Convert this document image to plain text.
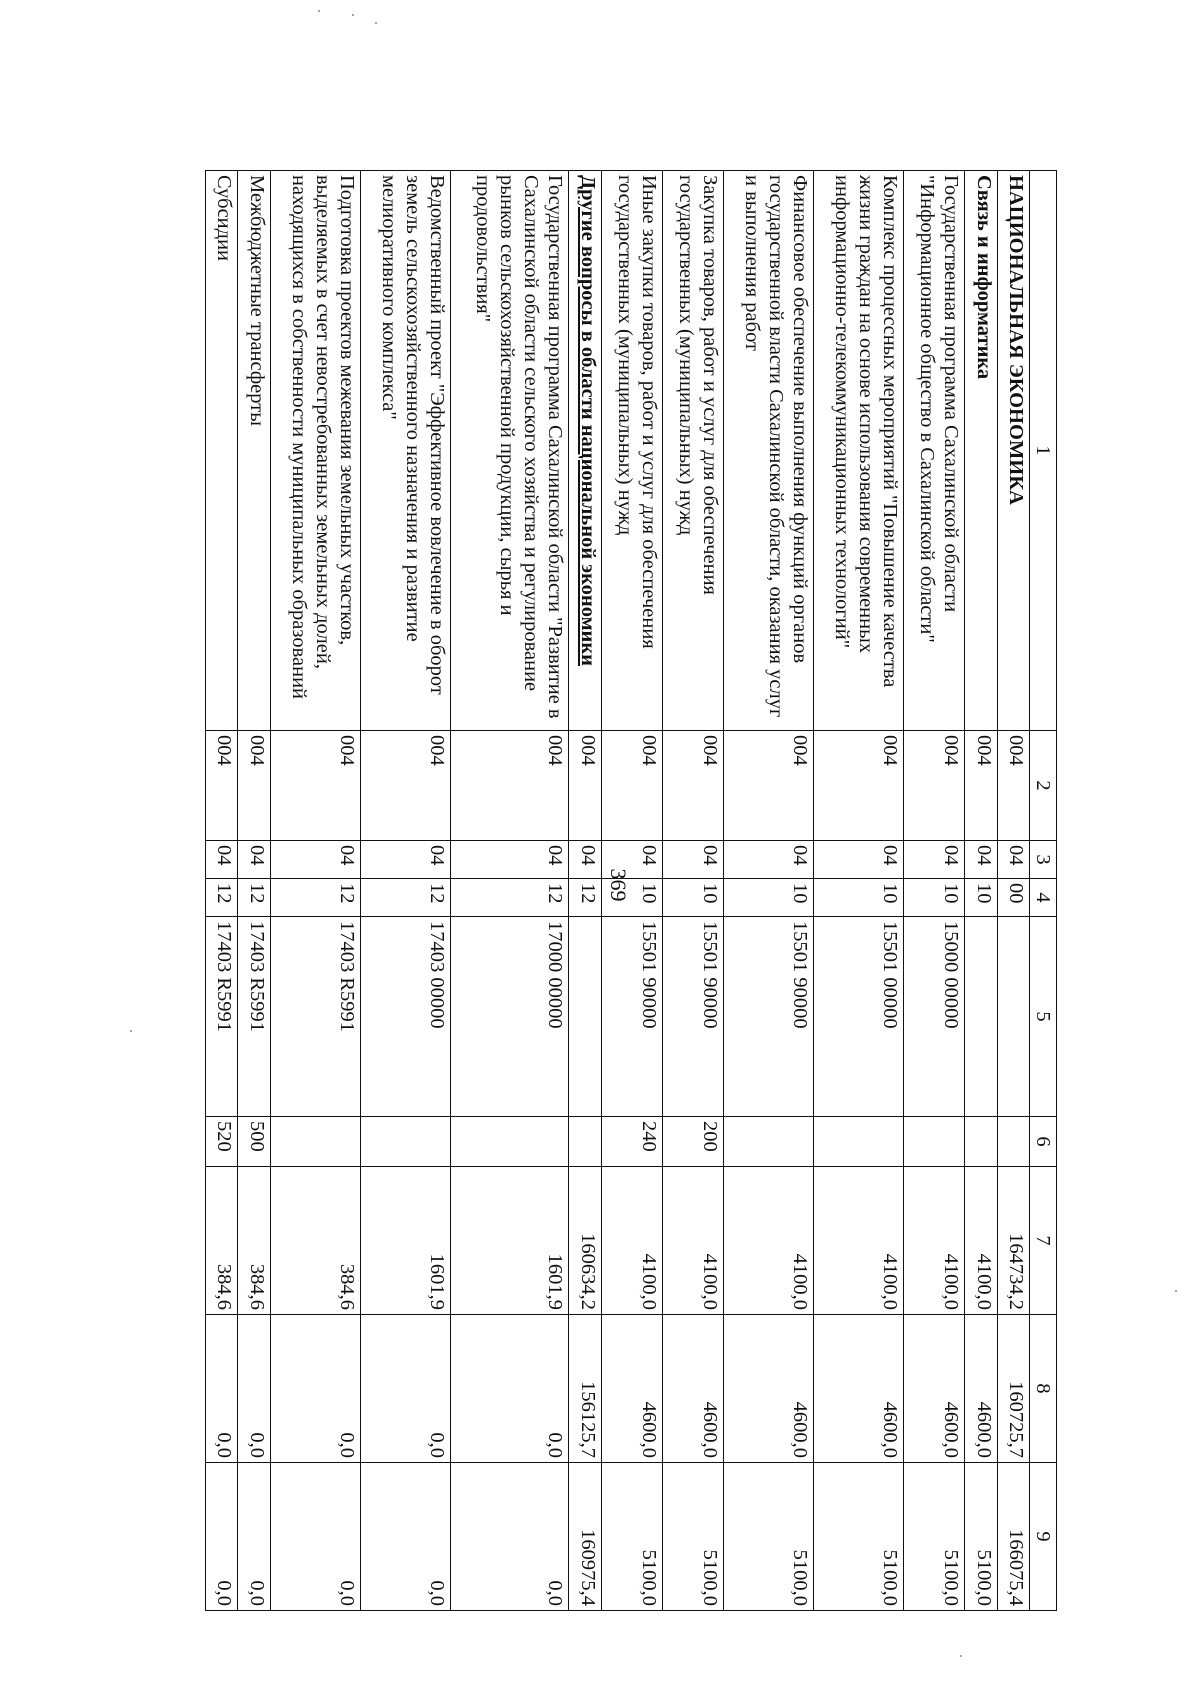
369
1	2	3	4	5	6	7	8	9
НАЦИОНАЛЬНАЯ ЭКОНОМИКА	004	04	00			164734,2	160725,7	166075,4
Связь и информатика	004	04	10			4100,0	4600,0	5100,0
Государственная программа Сахалинской области "Информационное общество в Сахалинской области"	004	04	10	15000 00000		4100,0	4600,0	5100,0
Комплекс процессных мероприятий "Повышение качества жизни граждан на основе использования современных информационно-телекоммуникационных технологий"	004	04	10	15501 00000		4100,0	4600,0	5100,0
Финансовое обеспечение выполнения функций органов государственной власти Сахалинской области, оказания услуг и выполнения работ	004	04	10	15501 90000		4100,0	4600,0	5100,0
Закупка товаров, работ и услуг для обеспечения государственных (муниципальных) нужд	004	04	10	15501 90000	200	4100,0	4600,0	5100,0
Иные закупки товаров, работ и услуг для обеспечения государственных (муниципальных) нужд	004	04	10	15501 90000	240	4100,0	4600,0	5100,0
Другие вопросы в области национальной экономики	004	04	12			160634,2	156125,7	160975,4
Государственная программа Сахалинской области "Развитие в Сахалинской области сельского хозяйства и регулирование рынков сельскохозяйственной продукции, сырья и продовольствия"	004	04	12	17000 00000		1601,9	0,0	0,0
Ведомственный проект "Эффективное вовлечение в оборот земель сельскохозяйственного назначения и развитие мелиоративного комплекса"	004	04	12	17403 00000		1601,9	0,0	0,0
Подготовка проектов межевания земельных участков, выделяемых в счет невостребованных земельных долей, находящихся в собственности муниципальных образований	004	04	12	17403 R5991		384,6	0,0	0,0
Межбюджетные трансферты	004	04	12	17403 R5991	500	384,6	0,0	0,0
Субсидии	004	04	12	17403 R5991	520	384,6	0,0	0,0
